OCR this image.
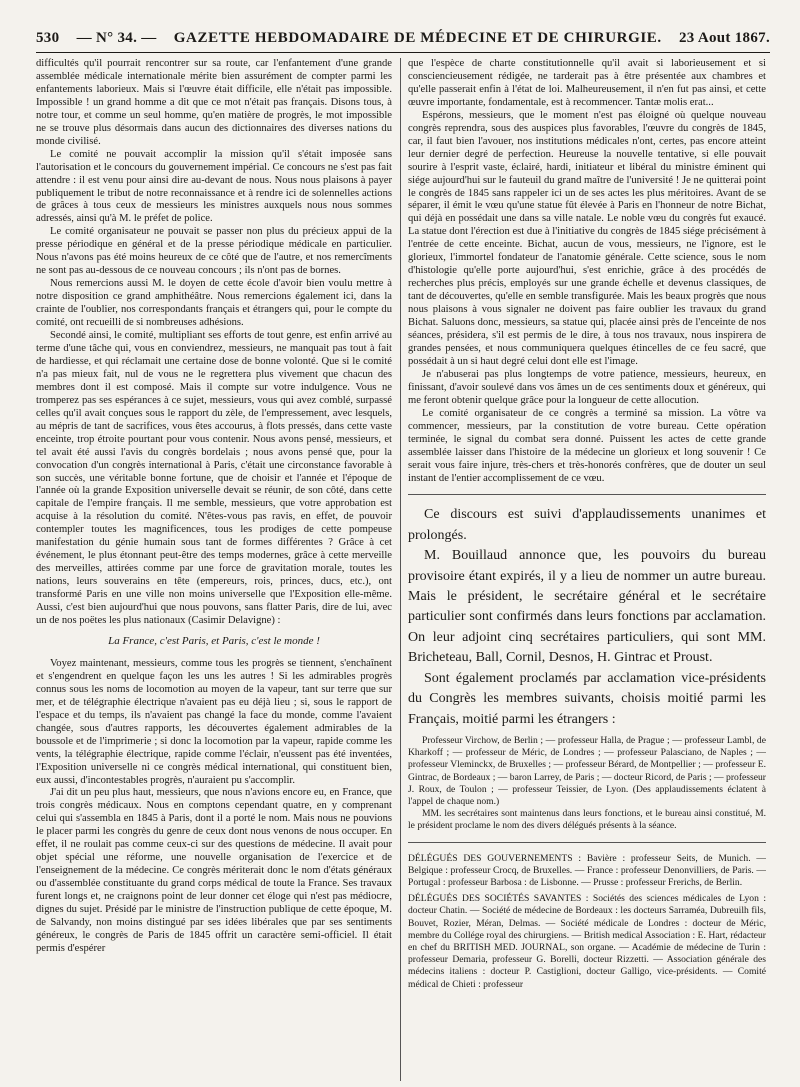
530 — N° 34. — GAZETTE HEBDOMADAIRE DE MÉDECINE ET DE CHIRURGIE. 23 Aout 1867.

difficultés qu'il pourrait rencontrer sur sa route, car l'enfantement d'une grande assemblée médicale internationale mérite bien assurément de compter parmi les enfantements laborieux. Mais si l'œuvre était difficile, elle n'était pas impossible. Impossible ! un grand homme a dit que ce mot n'était pas français. Disons tous, à notre tour, et comme un seul homme, qu'en matière de progrès, le mot impossible ne se trouve plus désormais dans aucun des dictionnaires des diverses nations du monde civilisé.

Le comité ne pouvait accomplir la mission qu'il s'était imposée sans l'autorisation et le concours du gouvernement impérial. Ce concours ne s'est pas fait attendre : il est venu pour ainsi dire au-devant de nous. Nous nous plaisons à payer publiquement le tribut de notre reconnaissance et à rendre ici de solennelles actions de grâces à tous ceux de messieurs les ministres auxquels nous nous sommes adressés, ainsi qu'à M. le préfet de police.

Le comité organisateur ne pouvait se passer non plus du précieux appui de la presse périodique en général et de la presse périodique médicale en particulier. Nous n'avons pas été moins heureux de ce côté que de l'autre, et nos remercîments ne sont pas au-dessous de ce nouveau concours ; ils n'ont pas de bornes.

Nous remercions aussi M. le doyen de cette école d'avoir bien voulu mettre à notre disposition ce grand amphithéâtre. Nous remercions également ici, dans la crainte de l'oublier, nos correspondants français et étrangers qui, pour le compte du comité, ont recueilli de si nombreuses adhésions.

Secondé ainsi, le comité, multipliant ses efforts de tout genre, est enfin arrivé au terme d'une tâche qui, vous en conviendrez, messieurs, ne manquait pas tout à fait de hardiesse, et qui réclamait une certaine dose de bonne volonté. Que si le comité n'a pas mieux fait, nul de vous ne le regrettera plus vivement que chacun des membres dont il est composé. Mais il compte sur votre indulgence. Vous ne tromperez pas ses espérances à ce sujet, messieurs, vous qui avez comblé, surpassé celles qu'il avait conçues sous le rapport du zèle, de l'empressement, avec lesquels, au mépris de tant de sacrifices, vous êtes accourus, à flots pressés, dans cette vaste enceinte, trop étroite pourtant pour vous contenir. Nous avons pensé, messieurs, et tel avait été aussi l'avis du congrès bordelais ; nous avons pensé que, pour la convocation d'un congrès international à Paris, c'était une circonstance favorable à son succès, une véritable bonne fortune, que de choisir et l'année et l'époque de l'année où la grande Exposition universelle devait se réunir, de son côté, dans cette capitale de l'empire français. Il me semble, messieurs, que votre approbation est acquise à la résolution du comité. N'êtes-vous pas ravis, en effet, de pouvoir contempler toutes les magnificences, tous les prodiges de cette pompeuse manifestation du génie humain sous tant de formes différentes ? Grâce à cet événement, le plus étonnant peut-être des temps modernes, grâce à cette merveille des merveilles, attirées comme par une force de gravitation morale, toutes les nations, leurs souverains en tête (empereurs, rois, princes, ducs, etc.), ont transformé Paris en une ville non moins universelle que l'Exposition elle-même. Aussi, c'est bien aujourd'hui que nous pouvons, sans flatter Paris, dire de lui, avec un de nos poëtes les plus nationaux (Casimir Delavigne) :

La France, c'est Paris, et Paris, c'est le monde !

Voyez maintenant, messieurs, comme tous les progrès se tiennent, s'enchaînent et s'engendrent en quelque façon les uns les autres ! Si les admirables progrès connus sous les noms de locomotion au moyen de la vapeur, tant sur terre que sur mer, et de télégraphie électrique n'avaient pas eu déjà lieu ; si, sous le rapport de l'espace et du temps, ils n'avaient pas changé la face du monde, comme l'avaient changée, sous d'autres rapports, les découvertes également admirables de la boussole et de l'imprimerie ; si donc la locomotion par la vapeur, rapide comme les vents, la télégraphie électrique, rapide comme l'éclair, n'eussent pas été inventées, l'Exposition universelle ni ce congrès médical international, qui constituent bien, eux aussi, d'incontestables progrès, n'auraient pu s'accomplir.

J'ai dit un peu plus haut, messieurs, que nous n'avions encore eu, en France, que trois congrès médicaux. Nous en comptons cependant quatre, en y comprenant celui qui s'assembla en 1845 à Paris, dont il a porté le nom. Mais nous ne pouvions le placer parmi les congrès du genre de ceux dont nous venons de nous occuper. En effet, il ne roulait pas comme ceux-ci sur des questions de médecine. Il avait pour objet spécial une réforme, une nouvelle organisation de l'exercice et de l'enseignement de la médecine. Ce congrès mériterait donc le nom d'états généraux ou d'assemblée constituante du grand corps médical de toute la France. Ses travaux furent longs et, ne craignons point de leur donner cet éloge qui n'est pas médiocre, dignes du sujet. Présidé par le ministre de l'instruction publique de cette époque, M. de Salvandy, non moins distingué par ses idées libérales que par ses sentiments généreux, le congrès de Paris de 1845 offrit un caractère semi-officiel. Il était permis d'espérer

que l'espèce de charte constitutionnelle qu'il avait si laborieusement et si consciencieusement rédigée, ne tarderait pas à être présentée aux chambres et qu'elle passerait enfin à l'état de loi. Malheureusement, il n'en fut pas ainsi, et cette œuvre importante, fondamentale, est à recommencer. Tantæ molis erat...

Espérons, messieurs, que le moment n'est pas éloigné où quelque nouveau congrès reprendra, sous des auspices plus favorables, l'œuvre du congrès de 1845, car, il faut bien l'avouer, nos institutions médicales n'ont, certes, pas encore atteint leur dernier degré de perfection. Heureuse la nouvelle tentative, si elle pouvait sourire à l'esprit vaste, éclairé, hardi, initiateur et libéral du ministre éminent qui siége aujourd'hui sur le fauteuil du grand maître de l'université ! Je ne quitterai point le congrès de 1845 sans rappeler ici un de ses actes les plus méritoires. Avant de se séparer, il émit le vœu qu'une statue fût élevée à Paris en l'honneur de notre Bichat, qui déjà en possédait une dans sa ville natale. Le noble vœu du congrès fut exaucé. La statue dont l'érection est due à l'initiative du congrès de 1845 siége précisément à l'entrée de cette enceinte. Bichat, aucun de vous, messieurs, ne l'ignore, est le glorieux, l'immortel fondateur de l'anatomie générale. Cette science, sous le nom d'histologie qu'elle porte aujourd'hui, s'est enrichie, grâce à des procédés de recherches plus précis, employés sur une grande échelle et devenus classiques, de tant de découvertes, qu'elle en semble transfigurée. Mais les beaux progrès que nous nous plaisons à vous signaler ne doivent pas faire oublier les travaux du grand Bichat. Saluons donc, messieurs, sa statue qui, placée ainsi près de l'enceinte de nos séances, présidera, s'il est permis de le dire, à tous nos travaux, nous inspirera de grandes pensées, et nous communiquera quelques étincelles de ce feu sacré, que possédait à un si haut degré celui dont elle est l'image.

Je n'abuserai pas plus longtemps de votre patience, messieurs, heureux, en finissant, d'avoir soulevé dans vos âmes un de ces sentiments doux et généreux, qui me feront obtenir quelque grâce pour la longueur de cette allocution.

Le comité organisateur de ce congrès a terminé sa mission. La vôtre va commencer, messieurs, par la constitution de votre bureau. Cette opération terminée, le signal du combat sera donné. Puissent les actes de cette grande assemblée laisser dans l'histoire de la médecine un glorieux et long souvenir ! Ce serait vous faire injure, très-chers et très-honorés confrères, que de douter un seul instant de l'entier accomplissement de ce vœu.

Ce discours est suivi d'applaudissements unanimes et prolongés.

M. Bouillaud annonce que, les pouvoirs du bureau provisoire étant expirés, il y a lieu de nommer un autre bureau. Mais le président, le secrétaire général et le secrétaire particulier sont confirmés dans leurs fonctions par acclamation. On leur adjoint cinq secrétaires particuliers, qui sont MM. Bricheteau, Ball, Cornil, Desnos, H. Gintrac et Proust.

Sont également proclamés par acclamation vice-présidents du Congrès les membres suivants, choisis moitié parmi les Français, moitié parmi les étrangers :

Professeur Virchow, de Berlin ; — professeur Halla, de Prague ; — professeur Lambl, de Kharkoff ; — professeur de Méric, de Londres ; — professeur Palasciano, de Naples ; — professeur Vleminckx, de Bruxelles ; — professeur Bérard, de Montpellier ; — professeur E. Gintrac, de Bordeaux ; — baron Larrey, de Paris ; — docteur Ricord, de Paris ; — professeur J. Roux, de Toulon ; — professeur Teissier, de Lyon. (Des applaudissements éclatent à l'appel de chaque nom.)

MM. les secrétaires sont maintenus dans leurs fonctions, et le bureau ainsi constitué, M. le président proclame le nom des divers délégués présents à la séance.

DÉLÉGUÉS DES GOUVERNEMENTS : Bavière : professeur Seits, de Munich. — Belgique : professeur Crocq, de Bruxelles. — France : professeur Denonvilliers, de Paris. — Portugal : professeur Barbosa : de Lisbonne. — Prusse : professeur Frerichs, de Berlin.

DÉLÉGUÉS DES SOCIÉTÉS SAVANTES : Sociétés des sciences médicales de Lyon : docteur Chatin. — Société de médecine de Bordeaux : les docteurs Sarraméa, Dubreuilh fils, Bouvet, Rozier, Méran, Delmas. — Société médicale de Londres : docteur de Méric, membre du Collége royal des chirurgiens. — British medical Association : E. Hart, rédacteur en chef du BRITISH MED. JOURNAL, son organe. — Académie de médecine de Turin : professeur Demaria, professeur G. Borelli, docteur Rizzetti. — Association générale des médecins italiens : docteur P. Castiglioni, docteur Galligo, vice-présidents. — Comité médical de Chieti : professeur
